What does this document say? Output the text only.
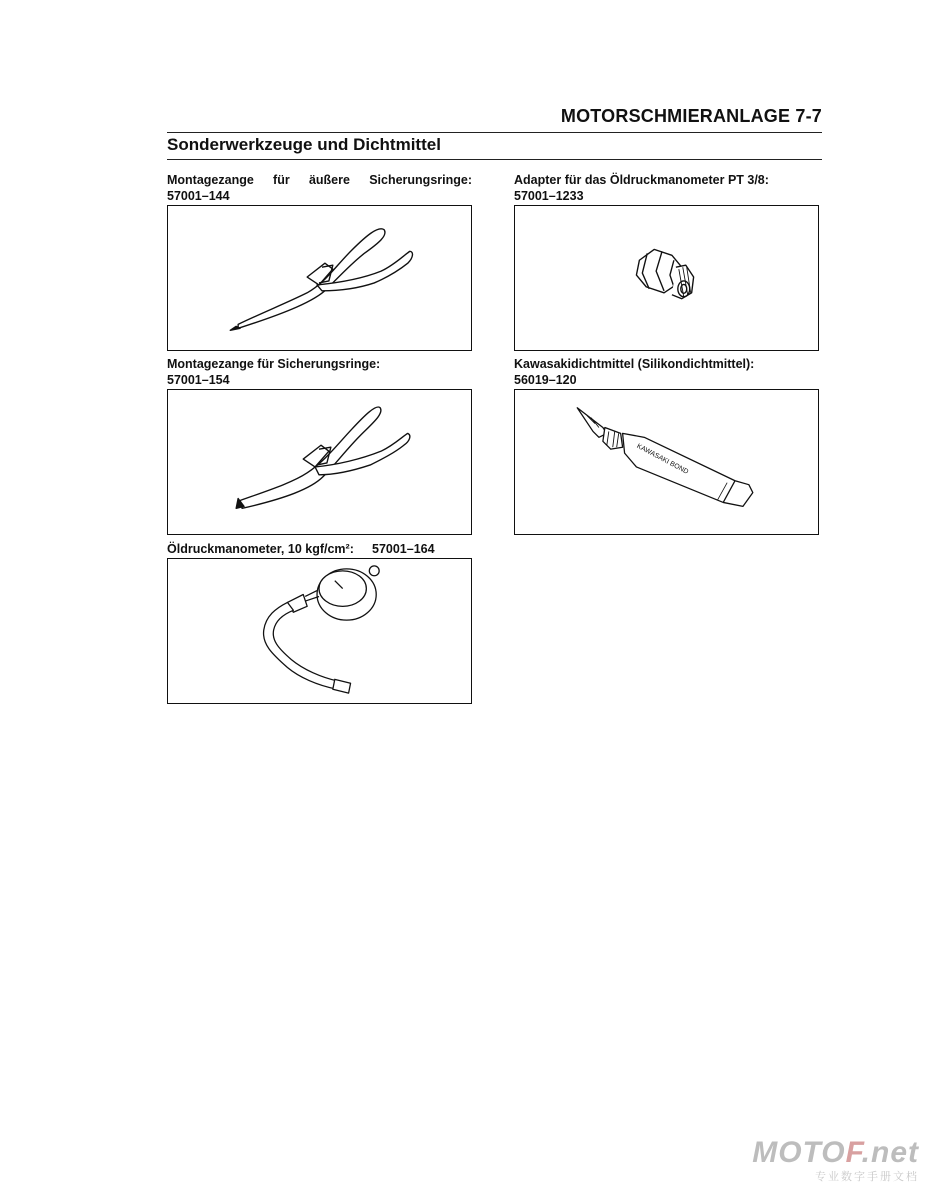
MOTORSCHMIERANLAGE 7-7
Sonderwerkzeuge und Dichtmittel
Montagezange für äußere Sicherungsringe:
57001–144
Adapter für das Öldruckmanometer PT 3/8:
57001–1233
Montagezange für Sicherungsringe:
57001–154
Kawasakidichtmittel (Silikondichtmittel):
56019–120
KAWASAKI BOND
Öldruckmanometer, 10 kgf/cm²:	57001–164
MOTOF.net
专业数字手册文档
